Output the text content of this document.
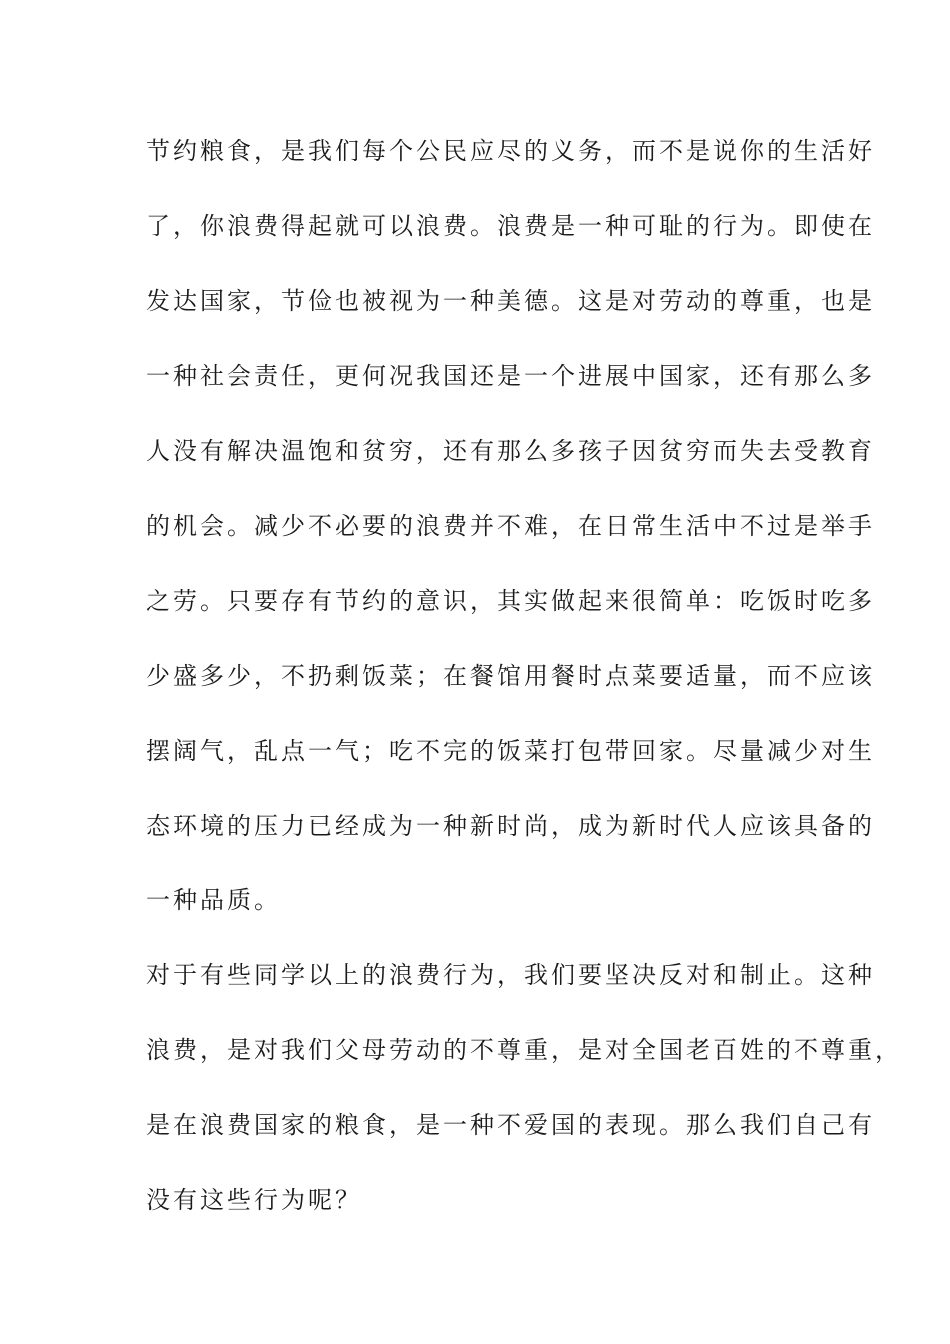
节约粮食，是我们每个公民应尽的义务，而不是说你的生活好
了，你浪费得起就可以浪费。浪费是一种可耻的行为。即使在
发达国家，节俭也被视为一种美德。这是对劳动的尊重，也是
一种社会责任，更何况我国还是一个进展中国家，还有那么多
人没有解决温饱和贫穷，还有那么多孩子因贫穷而失去受教育
的机会。减少不必要的浪费并不难，在日常生活中不过是举手
之劳。只要存有节约的意识，其实做起来很简单：吃饭时吃多
少盛多少，不扔剩饭菜；在餐馆用餐时点菜要适量，而不应该
摆阔气，乱点一气；吃不完的饭菜打包带回家。尽量减少对生
态环境的压力已经成为一种新时尚，成为新时代人应该具备的
一种品质。
对于有些同学以上的浪费行为，我们要坚决反对和制止。这种
浪费，是对我们父母劳动的不尊重，是对全国老百姓的不尊重，
是在浪费国家的粮食，是一种不爱国的表现。那么我们自己有
没有这些行为呢？
